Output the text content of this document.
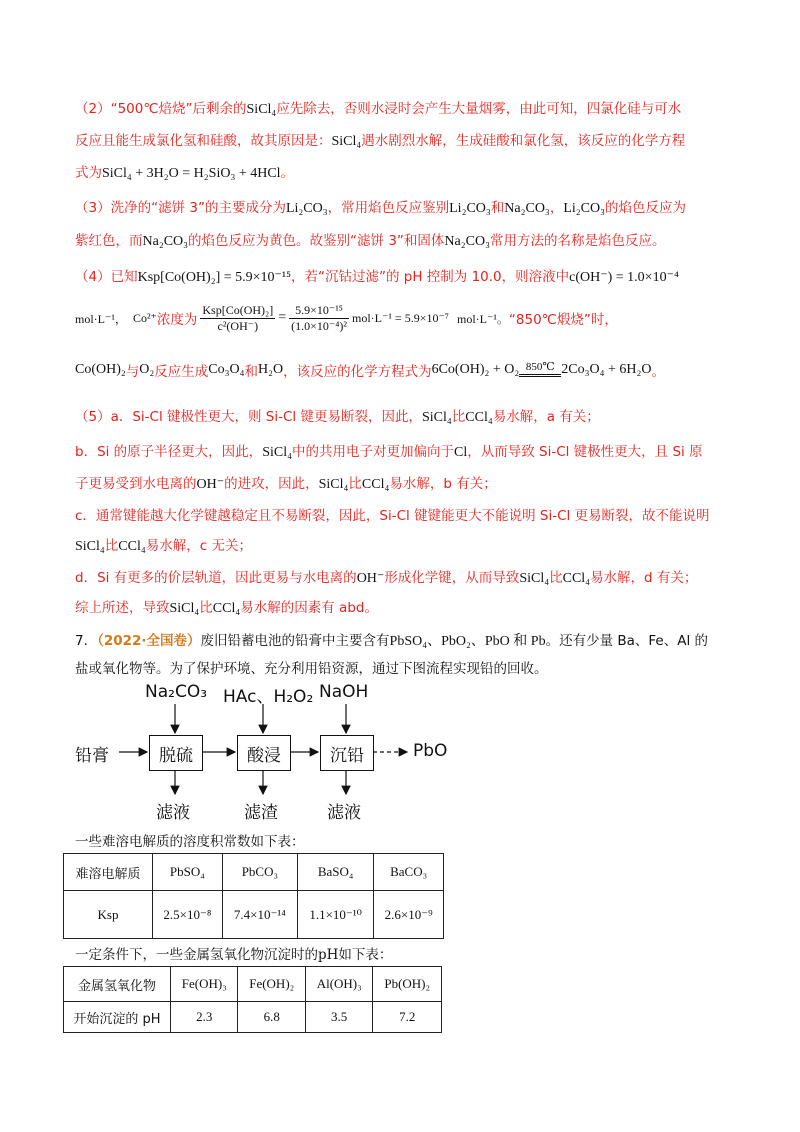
（2）“500℃焙烧”后剩余的SiCl₄应先除去，否则水浸时会产生大量烟雾，由此可知，四氯化硅与可水
反应且能生成氯化氢和硅酸，故其原因是：SiCl₄遇水剧烈水解，生成硅酸和氯化氢，该反应的化学方程
式为SiCl₄ + 3H₂O = H₂SiO₃ + 4HCl。
（3）洗净的“滤饼 3”的主要成分为Li₂CO₃，常用焰色反应鉴别Li₂CO₃和Na₂CO₃，Li₂CO₃的焰色反应为
紫红色，而Na₂CO₃的焰色反应为黄色。故鉴别“滤饼 3”和固体Na₂CO₃常用方法的名称是焰色反应。
（4）已知Ksp[Co(OH)₂] = 5.9×10⁻¹⁵，若“沉钴过滤”的 pH 控制为 10.0，则溶液中c(OH⁻) = 1.0×10⁻⁴
mol·L⁻¹， Co²⁺ 浓度为 $\frac{\text{Ksp[Co(OH)₂]}}{\text{c²(OH⁻)}} = \frac{\text{5.9×10⁻¹⁵}}{\text{(1.0×10⁻⁴)²}} mol\cdot L^{-1} = 5.9\times 10^{-7}$ mol·L⁻¹。 “850℃煅烧”时，
Co(OH)₂ 与 O₂ 反应生成 Co₃O₄ 和 H₂O ，该反应的化学方程式为 6Co(OH)₂ + O₂ 850℃ 2Co₃O₄ + 6H₂O 。
（5）a．Si-Cl 键极性更大，则 Si-Cl 键更易断裂，因此，SiCl₄比CCl₄易水解，a 有关；
b．Si 的原子半径更大，因此，SiCl₄中的共用电子对更加偏向于Cl，从而导致 Si-Cl 键极性更大，且 Si 原
子更易受到水电离的OH⁻的进攻，因此，SiCl₄比CCl₄易水解，b 有关；
c．通常键能越大化学键越稳定且不易断裂，因此，Si-Cl 键键能更大不能说明 Si-Cl 更易断裂，故不能说明
SiCl₄比CCl₄易水解，c 无关；
d．Si 有更多的价层轨道，因此更易与水电离的OH⁻形成化学键，从而导致SiCl₄比CCl₄易水解，d 有关；
综上所述，导致SiCl₄比CCl₄易水解的因素有 abd。
7．（2022·全国卷）废旧铅蓄电池的铅膏中主要含有PbSO₄、PbO₂、PbO 和 Pb。还有少量 Ba、Fe、Al 的
盐或氧化物等。为了保护环境、充分利用铅资源，通过下图流程实现铅的回收。
铅膏
Na₂CO₃ HAc、H₂O₂ NaOH
脱硫	酸浸	沉铅	PbO
滤液	滤渣	滤液
一些难溶电解质的溶度积常数如下表：
难溶电解质	PbSO₄	PbCO₃	BaSO₄	BaCO₃
Ksp	2.5×10⁻⁸	7.4×10⁻¹⁴	1.1×10⁻¹⁰	2.6×10⁻⁹
一定条件下，一些金属氢氧化物沉淀时的pH如下表：
金属氢氧化物	Fe(OH)₃	Fe(OH)₂	Al(OH)₃	Pb(OH)₂
开始沉淀的 pH	2.3	6.8	3.5	7.2
